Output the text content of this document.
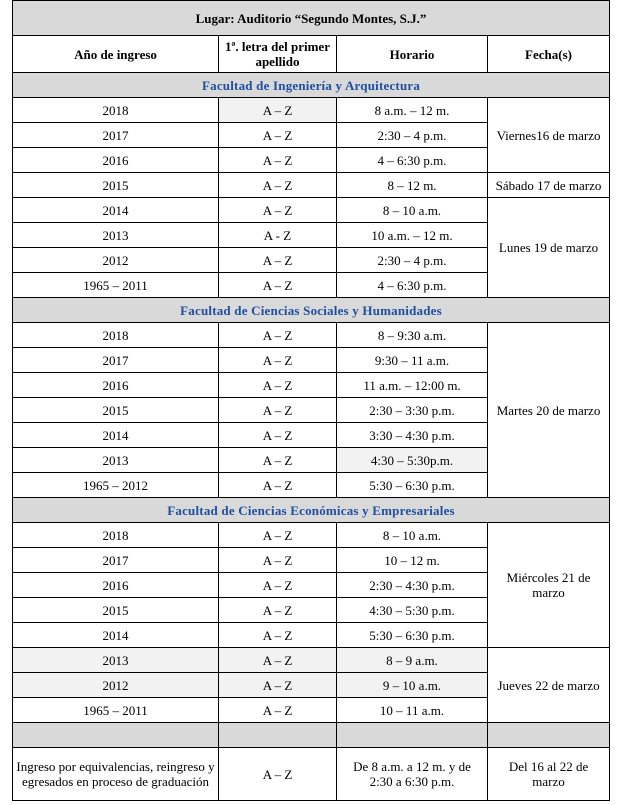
Lugar: Auditorio “Segundo Montes, S.J.”			
Año de ingreso	1ª. letra del primer apellido	Horario	Fecha(s)
Facultad de Ingeniería y Arquitectura			
2018	A – Z	8 a.m. – 12 m.	Viernes16 de marzo
2017	A – Z	2:30 – 4 p.m.	
2016	A – Z	4 – 6:30 p.m.	
2015	A – Z	8 – 12 m.	Sábado 17 de marzo
2014	A – Z	8 – 10 a.m.	Lunes 19 de marzo
2013	A - Z	10 a.m. – 12 m.	
2012	A – Z	2:30 – 4 p.m.	
1965 – 2011	A – Z	4 – 6:30 p.m.	
Facultad de Ciencias Sociales y Humanidades			
2018	A – Z	8 – 9:30 a.m.	Martes 20 de marzo
2017	A – Z	9:30 – 11 a.m.	
2016	A – Z	11 a.m. – 12:00 m.	
2015	A – Z	2:30 – 3:30 p.m.	
2014	A – Z	3:30 – 4:30 p.m.	
2013	A – Z	4:30 – 5:30p.m.	
1965 – 2012	A – Z	5:30 – 6:30 p.m.	
Facultad de Ciencias Económicas y Empresariales			
2018	A – Z	8 – 10 a.m.	Miércoles 21 de marzo
2017	A – Z	10 – 12 m.	
2016	A – Z	2:30 – 4:30 p.m.	
2015	A – Z	4:30 – 5:30 p.m.	
2014	A – Z	5:30 – 6:30 p.m.	
2013	A – Z	8 – 9 a.m.	Jueves 22 de marzo
2012	A – Z	9 – 10 a.m.	
1965 – 2011	A – Z	10 – 11 a.m.	

Ingreso por equivalencias, reingreso y egresados en proceso de graduación	A – Z	De 8 a.m. a 12 m. y de 2:30 a 6:30 p.m.	Del 16 al 22 de marzo
